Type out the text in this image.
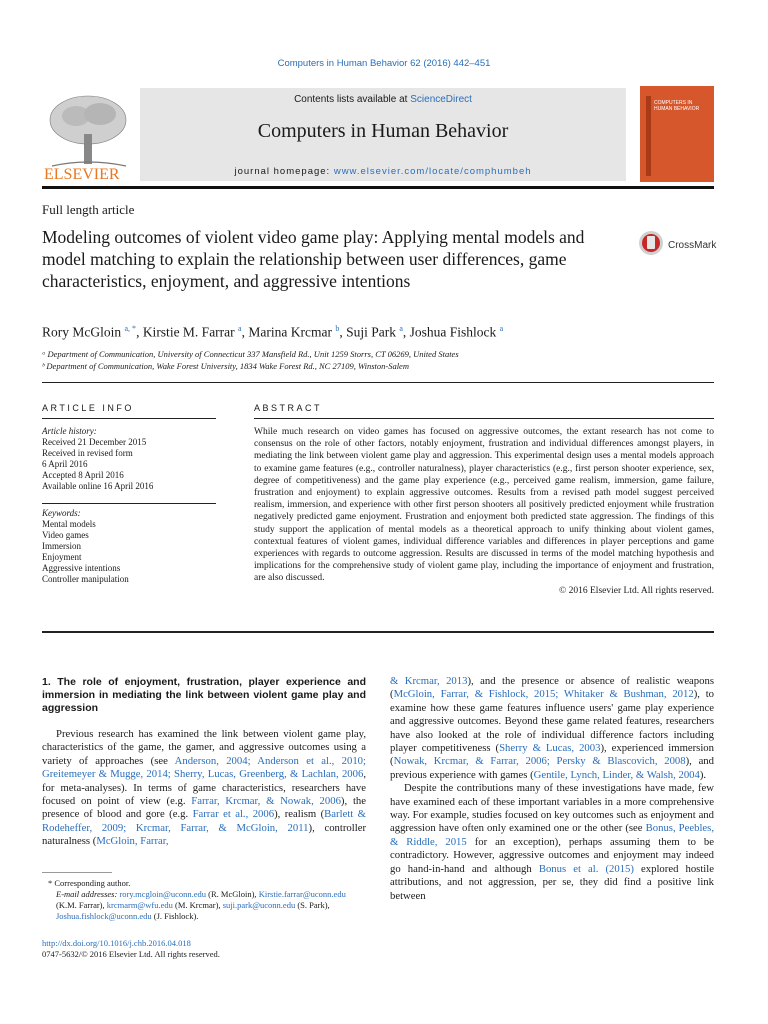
Computers in Human Behavior 62 (2016) 442–451
ELSEVIER
Contents lists available at ScienceDirect
Computers in Human Behavior
journal homepage: www.elsevier.com/locate/comphumbeh
COMPUTERS IN HUMAN BEHAVIOR
Full length article
Modeling outcomes of violent video game play: Applying mental models and model matching to explain the relationship between user differences, game characteristics, enjoyment, and aggressive intentions
CrossMark
Rory McGloin $^{a, *}$, Kirstie M. Farrar $^a$, Marina Krcmar $^b$, Suji Park $^a$, Joshua Fishlock $^a$
ᵃ Department of Communication, University of Connecticut 337 Mansfield Rd., Unit 1259 Storrs, CT 06269, United States
ᵇ Department of Communication, Wake Forest University, 1834 Wake Forest Rd., NC 27109, Winston-Salem
ARTICLE INFO
Article history:
Received 21 December 2015
Received in revised form
6 April 2016
Accepted 8 April 2016
Available online 16 April 2016
Keywords:
Mental models
Video games
Immersion
Enjoyment
Aggressive intentions
Controller manipulation
ABSTRACT
While much research on video games has focused on aggressive outcomes, the extant research has not come to consensus on the role of other factors, notably enjoyment, frustration and individual differences amongst players, in mediating the link between violent game play and aggression. This experimental design uses a mental models approach to examine game features (e.g., controller naturalness), player characteristics (e.g., first person shooter experience, sex, degree of competitiveness) and the game play experience (e.g., perceived game realism, immersion, game failure, frustration and enjoyment) to explain aggressive outcomes. Results from a revised path model suggest perceived realism, immersion, and experience with other first person shooters all positively predicted enjoyment while frustration negatively predicted game enjoyment. Frustration and enjoyment both predicted state aggression. The findings of this study support the application of mental models as a theoretical approach to unify thinking about violent games, contextual features of violent games, individual difference variables and differences in player perceptions and game experiences with regards to outcome aggression. Results are discussed in terms of the model matching hypothesis and implications for the comprehensive study of violent game play, including the importance of enjoyment and frustration, are also discussed.
© 2016 Elsevier Ltd. All rights reserved.
1. The role of enjoyment, frustration, player experience and immersion in mediating the link between violent game play and aggression

Previous research has examined the link between violent game play, characteristics of the game, the gamer, and aggressive outcomes using a variety of approaches (see Anderson, 2004; Anderson et al., 2010; Greitemeyer & Mugge, 2014; Sherry, Lucas, Greenberg, & Lachlan, 2006, for meta-analyses). In terms of game characteristics, researchers have focused on point of view (e.g. Farrar, Krcmar, & Nowak, 2006), the presence of blood and gore (e.g. Farrar et al., 2006), realism (Barlett & Rodeheffer, 2009; Krcmar, Farrar, & McGloin, 2011), controller naturalness (McGloin, Farrar,

& Krcmar, 2013), and the presence or absence of realistic weapons (McGloin, Farrar, & Fishlock, 2015; Whitaker & Bushman, 2012), to examine how these game features influence users' game play experience and aggressive outcomes. Beyond these game related features, researchers have also looked at the role of individual difference factors including player competitiveness (Sherry & Lucas, 2003), experienced immersion (Nowak, Krcmar, & Farrar, 2006; Persky & Blascovich, 2008), and previous experience with games (Gentile, Lynch, Linder, & Walsh, 2004).

Despite the contributions many of these investigations have made, few have examined each of these important variables in a more comprehensive way. For example, studies focused on key outcomes such as enjoyment and aggression have often only examined one or the other (see Bonus, Peebles, & Riddle, 2015 for an exception), perhaps assuming them to be contradictory. However, aggressive outcomes and enjoyment may indeed go hand-in-hand and although Bonus et al. (2015) explored hostile attributions, and not aggression, per se, they did find a positive link between

* Corresponding author.
E-mail addresses: rory.mcgloin@uconn.edu (R. McGloin), Kirstie.farrar@uconn.edu (K.M. Farrar), krcmarm@wfu.edu (M. Krcmar), suji.park@uconn.edu (S. Park), Joshua.fishlock@uconn.edu (J. Fishlock).
http://dx.doi.org/10.1016/j.chb.2016.04.018
0747-5632/© 2016 Elsevier Ltd. All rights reserved.
